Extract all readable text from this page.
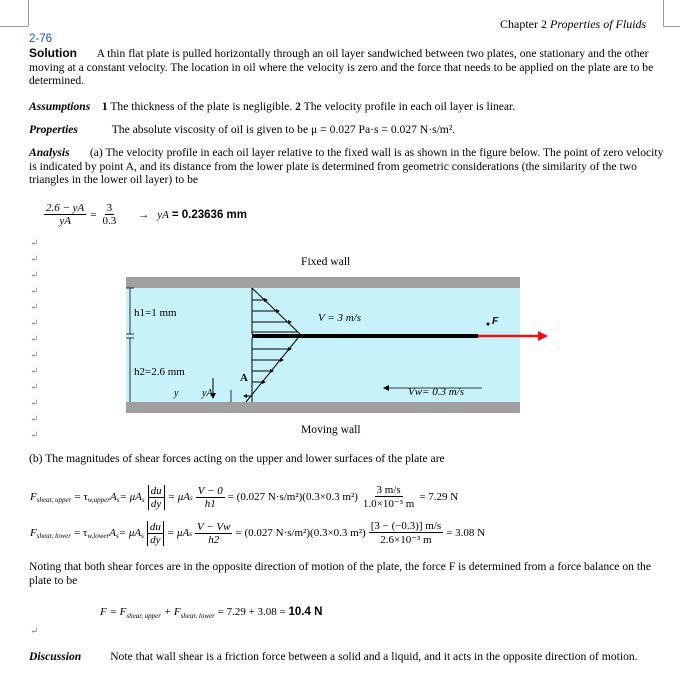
Chapter 2 Properties of Fluids
2-76
Solution A thin flat plate is pulled horizontally through an oil layer sandwiched between two plates, one stationary and the other moving at a constant velocity. The location in oil where the velocity is zero and the force that needs to be applied on the plate are to be determined.
Assumptions 1 The thickness of the plate is negligible. 2 The velocity profile in each oil layer is linear.
Properties	The absolute viscosity of oil is given to be μ = 0.027 Pa·s = 0.027 N·s/m².
Analysis (a) The velocity profile in each oil layer relative to the fixed wall is as shown in the figure below. The point of zero velocity is indicated by point A, and its distance from the lower plate is determined from geometric considerations (the similarity of the two triangles in the lower oil layer) to be
$\frac{2.6 - yA}{yA} = \frac{3}{0.3}$ → yA = 0.23636 mm
↵
↵
↵
↵
↵
↵
↵
↵
↵
↵
↵
↵
↵
Fixed wall
Moving wall
h1=1 mm
h2=2.6 mm
V = 3 m/s
Vw= 0.3 m/s
F
A
y yA
(b) The magnitudes of shear forces acting on the upper and lower surfaces of the plate are
F shear, upper = τ w,upper A s = μA s $\frac{du}{dy} = \mu As \frac{V - 0}{h1} = (0.027$ N·s/m²)(0.3×0.3 $m^2) \frac{3 m/s}{\text{1.0×10⁻³ m}} = 7.29$ N
F shear, lower = τ w,lower A s = μA s $\frac{du}{dy} = \mu As \frac{V - Vw}{h2} = (0.027$ N·s/m²)(0.3×0.3 $m^2) \frac{[3 - (-0.3)] m/s}{\text{2.6×10⁻³ m}} = 3.08$ N
Noting that both shear forces are in the opposite direction of motion of the plate, the force F is determined from a force balance on the plate to be
$F = F_{shear, upper} + F_{shear, lower} = 7.29 + 3.08 = 10.4$ N
↵
Discussion Note that wall shear is a friction force between a solid and a liquid, and it acts in the opposite direction of motion.
